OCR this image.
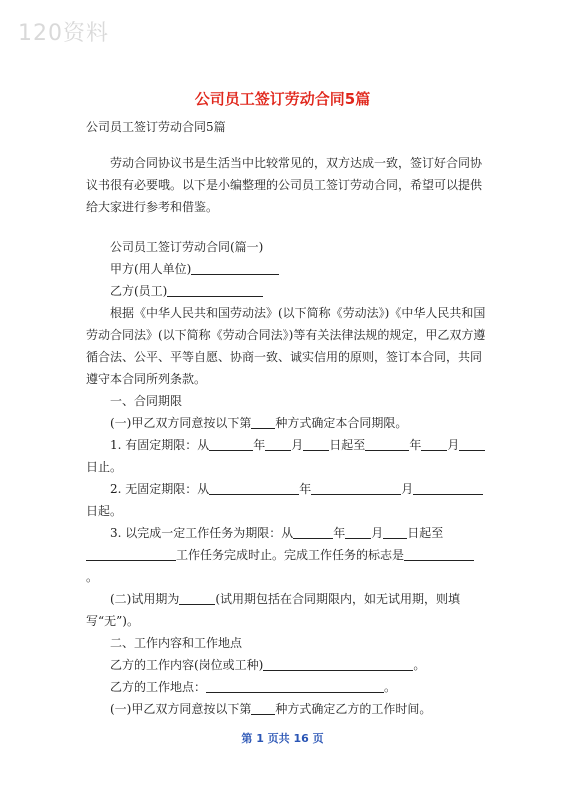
120资料
公司员工签订劳动合同5篇

公司员工签订劳动合同5篇

劳动合同协议书是生活当中比较常见的，双方达成一致，签订好合同协议书很有必要哦。以下是小编整理的公司员工签订劳动合同，希望可以提供给大家进行参考和借鉴。

公司员工签订劳动合同(篇一)

甲方(用人单位)

乙方(员工)

根据《中华人民共和国劳动法》(以下简称《劳动法》)《中华人民共和国劳动合同法》(以下简称《劳动合同法》)等有关法律法规的规定，甲乙双方遵循合法、公平、平等自愿、协商一致、诚实信用的原则，签订本合同，共同遵守本合同所列条款。

一、合同期限

(一)甲乙双方同意按以下第 种方式确定本合同期限。

1. 有固定期限：从	年 月 日起至	年 月日止。

2. 无固定期限：从	年	月日起。

3. 以完成一定工作任务为期限：从	年 月 日起至工作任务完成时止。完成工作任务的标志是。

(二)试用期为	(试用期包括在合同期限内，如无试用期，则填写“无”)。

二、工作内容和工作地点

乙方的工作内容(岗位或工种)	。

乙方的工作地点：	。

(一)甲乙双方同意按以下第 种方式确定乙方的工作时间。

第 1 页共 16 页
